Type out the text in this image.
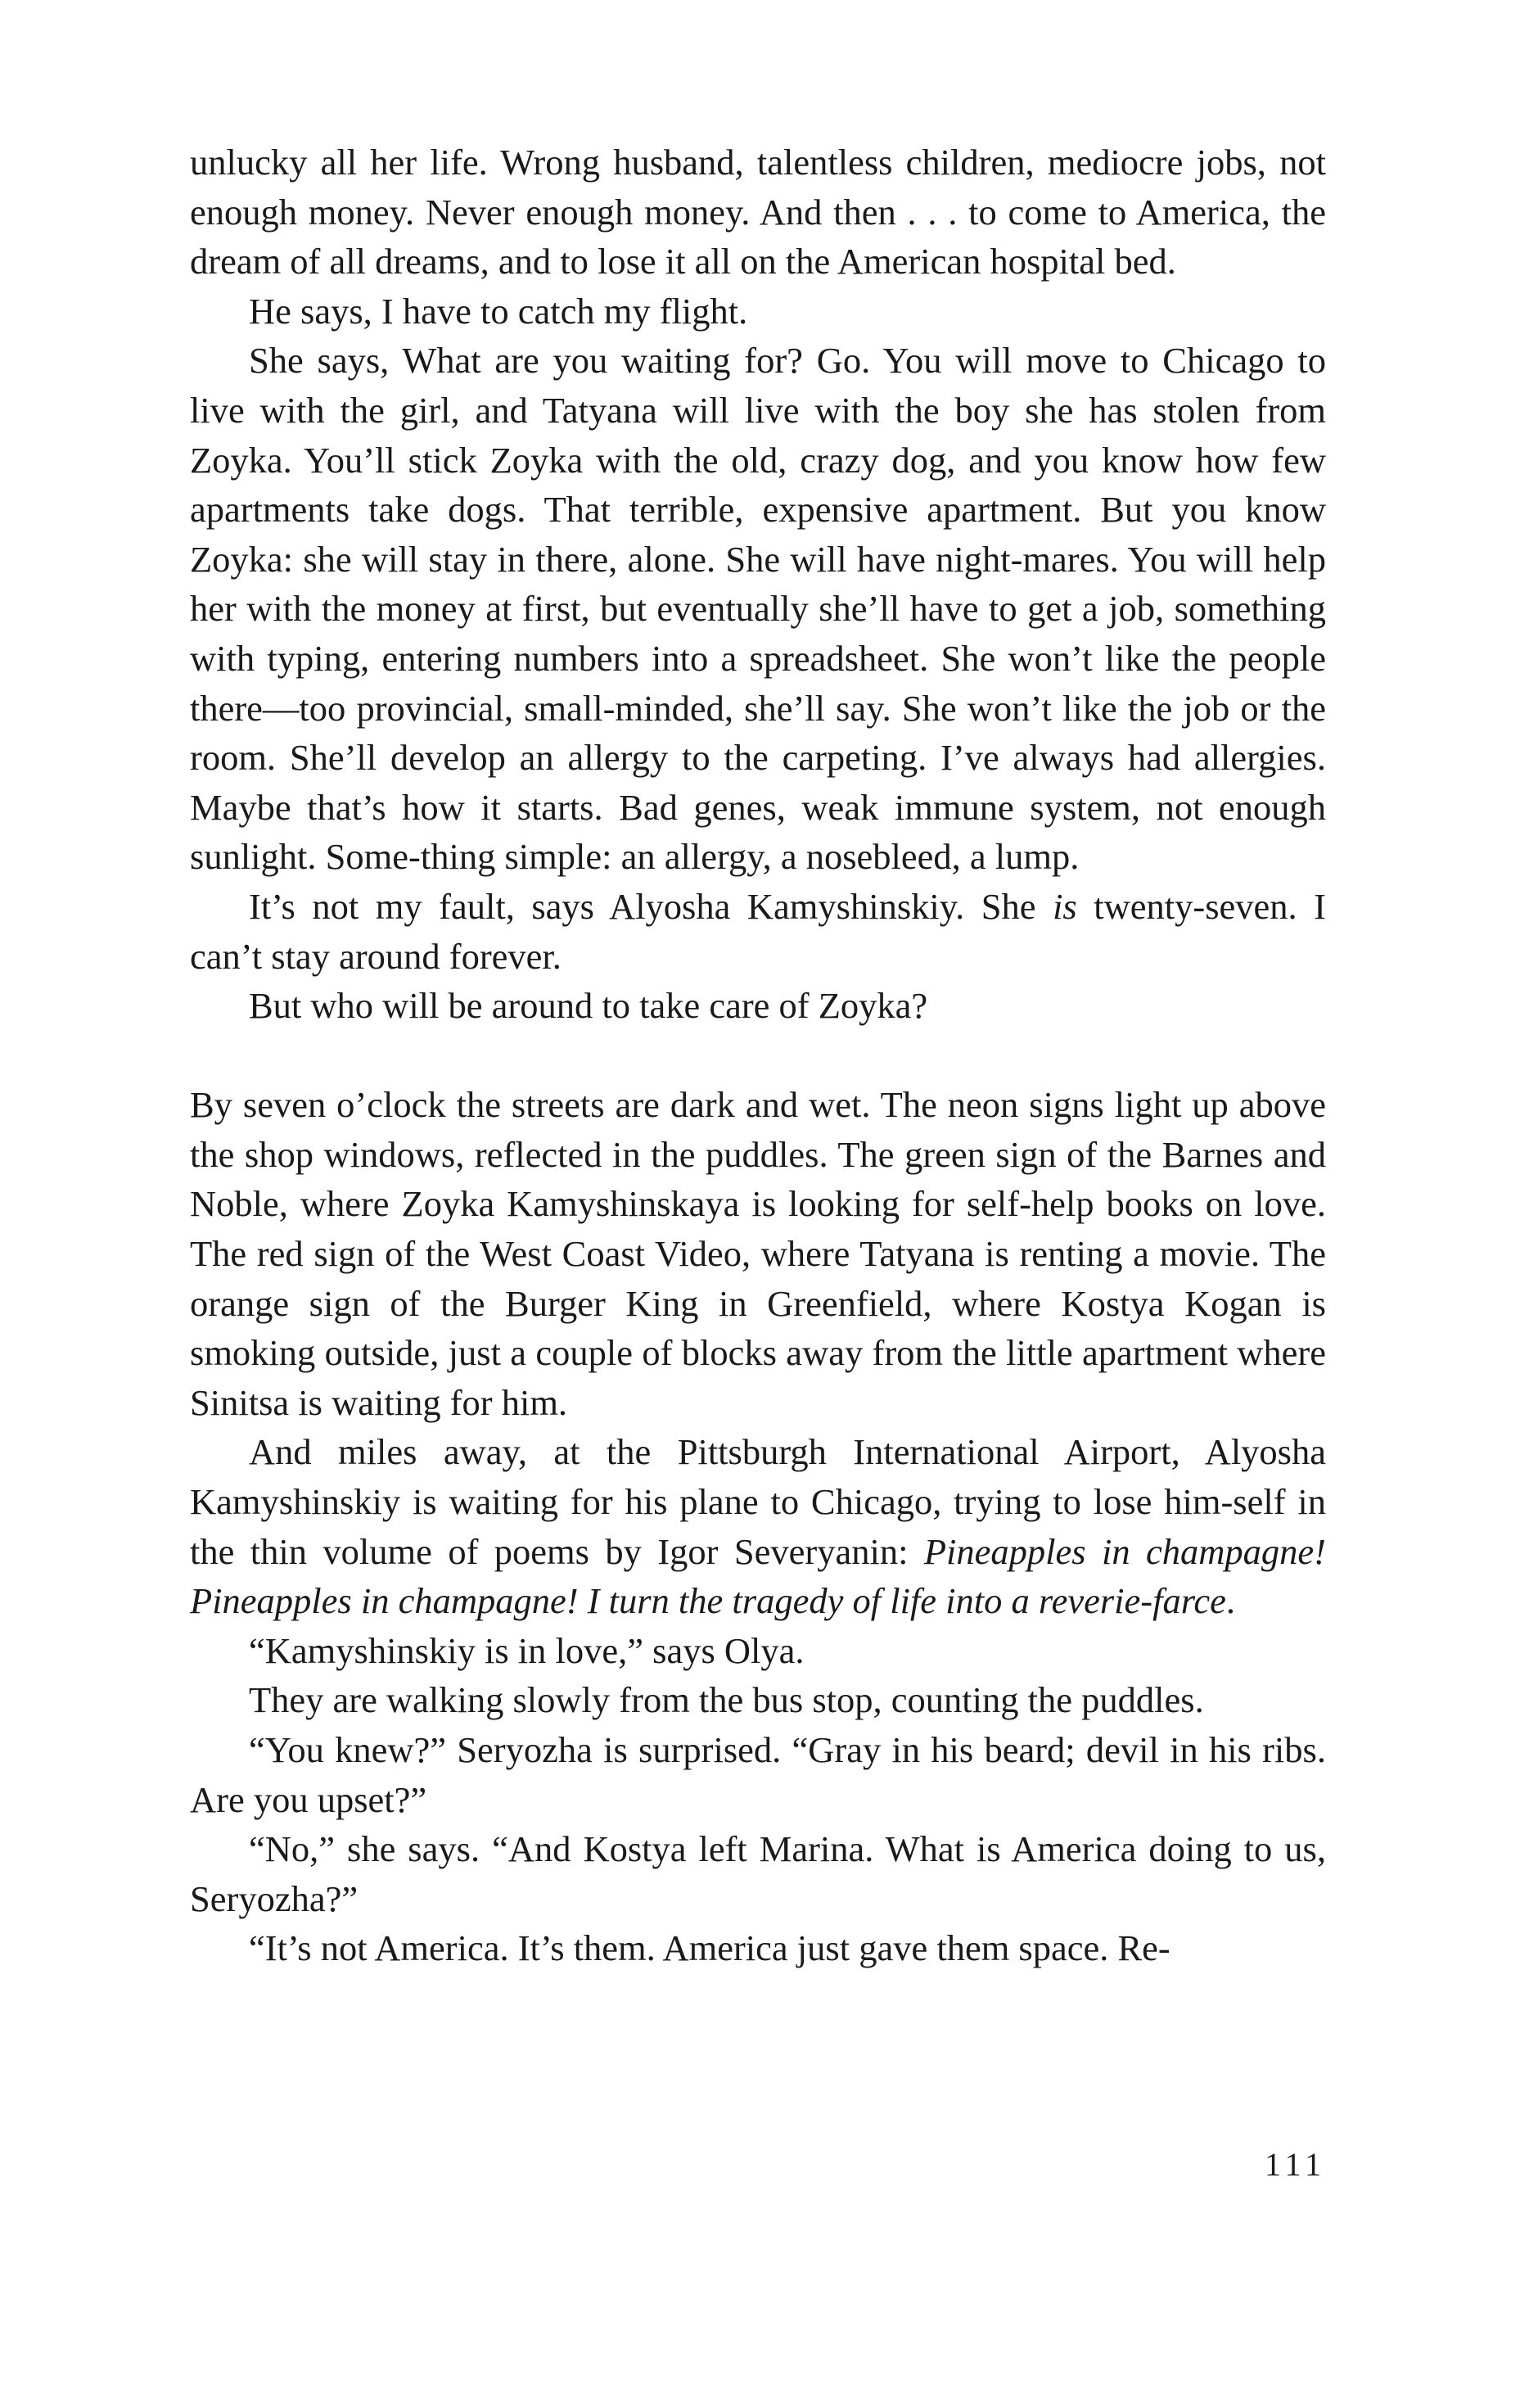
unlucky all her life. Wrong husband, talentless children, mediocre jobs, not enough money. Never enough money. And then . . . to come to America, the dream of all dreams, and to lose it all on the American hospital bed.

He says, I have to catch my flight.

She says, What are you waiting for? Go. You will move to Chicago to live with the girl, and Tatyana will live with the boy she has stolen from Zoyka. You’ll stick Zoyka with the old, crazy dog, and you know how few apartments take dogs. That terrible, expensive apartment. But you know Zoyka: she will stay in there, alone. She will have night-mares. You will help her with the money at first, but eventually she’ll have to get a job, something with typing, entering numbers into a spreadsheet. She won’t like the people there—too provincial, small-minded, she’ll say. She won’t like the job or the room. She’ll develop an allergy to the carpeting. I’ve always had allergies. Maybe that’s how it starts. Bad genes, weak immune system, not enough sunlight. Some-thing simple: an allergy, a nosebleed, a lump.

It’s not my fault, says Alyosha Kamyshinskiy. She is twenty-seven. I can’t stay around forever.

But who will be around to take care of Zoyka?

By seven o’clock the streets are dark and wet. The neon signs light up above the shop windows, reflected in the puddles. The green sign of the Barnes and Noble, where Zoyka Kamyshinskaya is looking for self-help books on love. The red sign of the West Coast Video, where Tatyana is renting a movie. The orange sign of the Burger King in Greenfield, where Kostya Kogan is smoking outside, just a couple of blocks away from the little apartment where Sinitsa is waiting for him.

And miles away, at the Pittsburgh International Airport, Alyosha Kamyshinskiy is waiting for his plane to Chicago, trying to lose him-self in the thin volume of poems by Igor Severyanin: Pineapples in champagne! Pineapples in champagne! I turn the tragedy of life into a reverie-farce.

“Kamyshinskiy is in love,” says Olya.

They are walking slowly from the bus stop, counting the puddles.

“You knew?” Seryozha is surprised. “Gray in his beard; devil in his ribs. Are you upset?”

“No,” she says. “And Kostya left Marina. What is America doing to us, Seryozha?”

“It’s not America. It’s them. America just gave them space. Re-

111
